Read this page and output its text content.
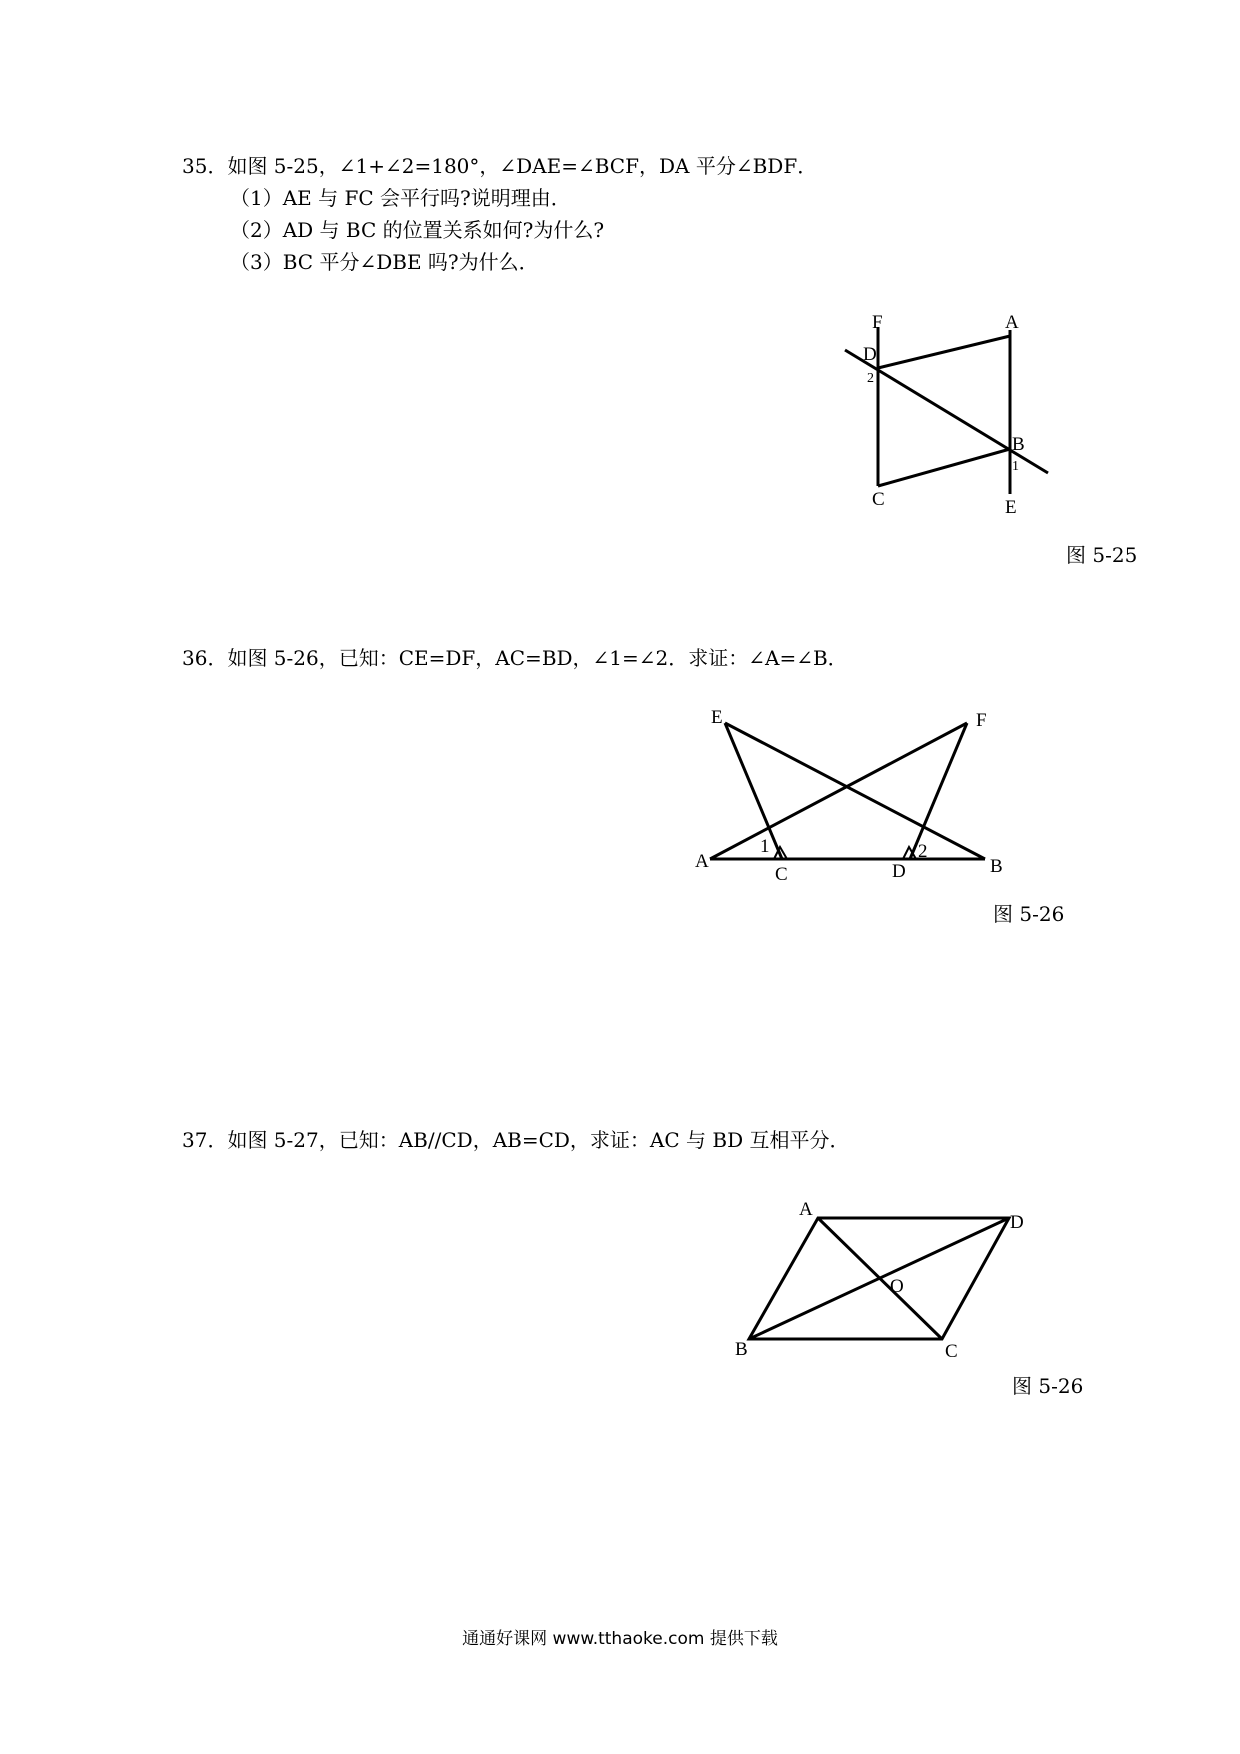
35．如图 5-25，∠1+∠2=180°，∠DAE=∠BCF，DA 平分∠BDF．
（1）AE 与 FC 会平行吗?说明理由．
（2）AD 与 BC 的位置关系如何?为什么?
（3）BC 平分∠DBE 吗?为什么．
F	A
D
2
B
1
C	E
图 5-25
36．如图 5-26，已知：CE=DF，AC=BD，∠1=∠2．求证：∠A=∠B．
E	F
1	2
A
C	D	B
图 5-26
37．如图 5-27，已知：AB//CD，AB=CD，求证：AC 与 BD 互相平分．
A
D
O
B	C
图 5-26
通通好课网 www.tthaoke.com 提供下载
